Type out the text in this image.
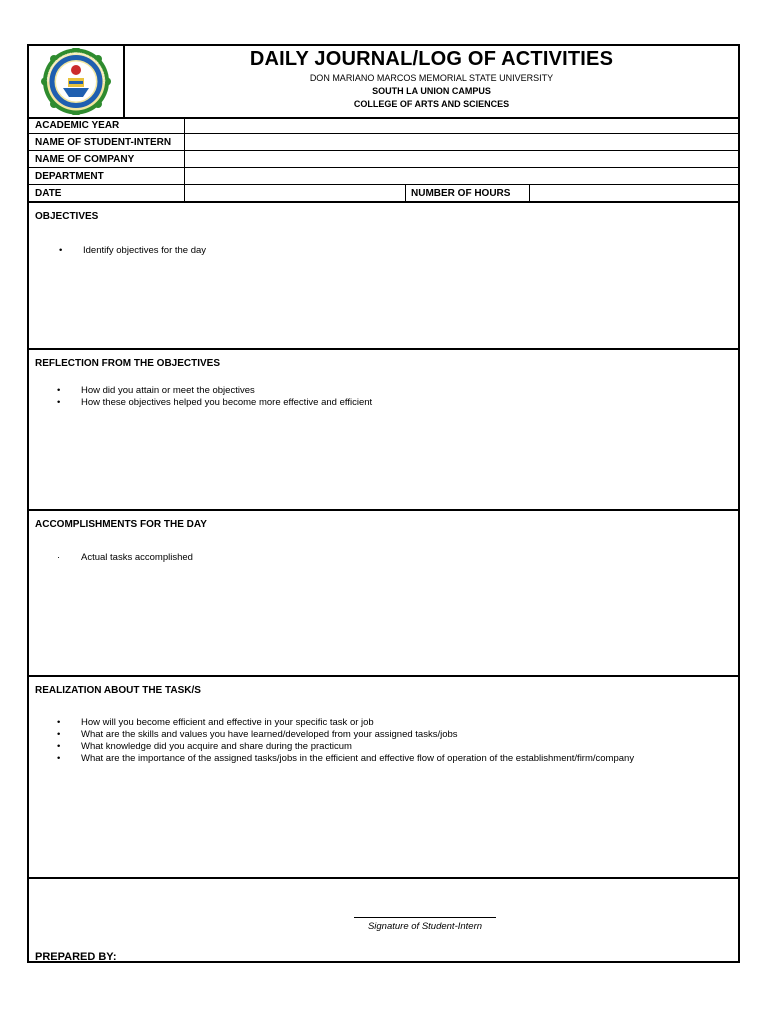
DON MARIANO MARCOS MEMORIAL STATE UNIVERSITY
DAILY JOURNAL/LOG OF ACTIVITIES
DON MARIANO MARCOS MEMORIAL STATE UNIVERSITY
SOUTH LA UNION CAMPUS
COLLEGE OF ARTS AND SCIENCES
ACADEMIC YEAR
NAME OF STUDENT-INTERN
NAME OF COMPANY
DEPARTMENT
DATE	NUMBER OF HOURS
OBJECTIVES
• Identify objectives for the day
REFLECTION FROM THE OBJECTIVES
• How did you attain or meet the objectives
• How these objectives helped you become more effective and efficient
ACCOMPLISHMENTS FOR THE DAY
· Actual tasks accomplished
REALIZATION ABOUT THE TASK/S
• How will you become efficient and effective in your specific task or job
• What are the skills and values you have learned/developed from your assigned tasks/jobs
• What knowledge did you acquire and share during the practicum
• What are the importance of the assigned tasks/jobs in the efficient and effective flow of operation of the establishment/firm/company
Signature of Student-Intern
PREPARED BY:
